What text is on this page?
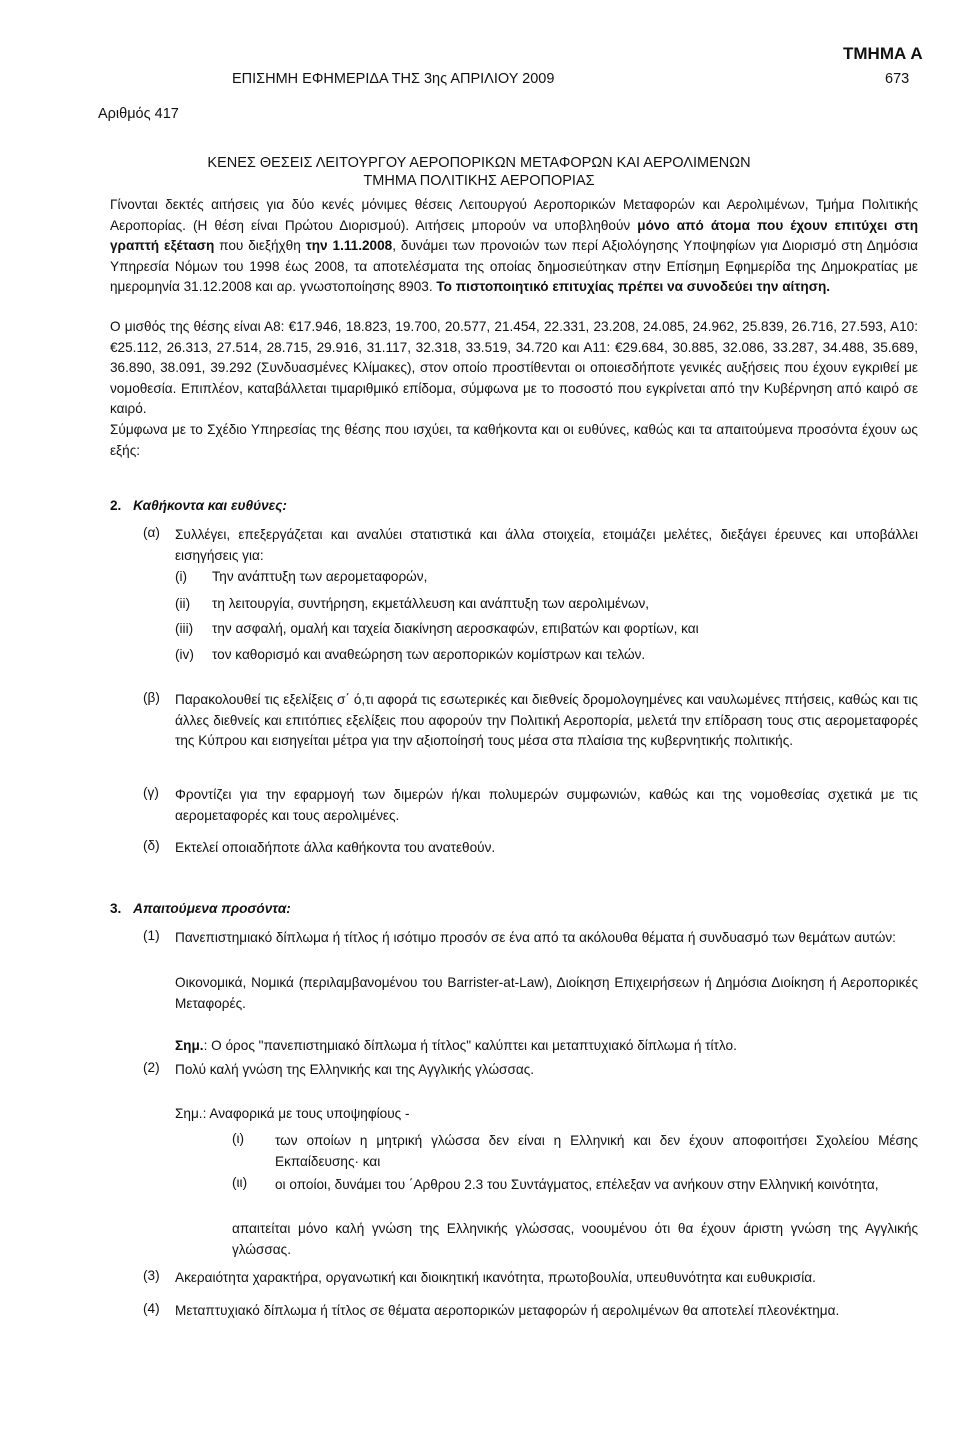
ΤΜΗΜΑ Α
ΕΠΙΣΗΜΗ ΕΦΗΜΕΡΙΔΑ ΤΗΣ 3ης ΑΠΡΙΛΙΟΥ 2009	673
Αριθμός 417
ΚΕΝΕΣ ΘΕΣΕΙΣ ΛΕΙΤΟΥΡΓΟΥ ΑΕΡΟΠΟΡΙΚΩΝ ΜΕΤΑΦΟΡΩΝ ΚΑΙ ΑΕΡΟΛΙΜΕΝΩΝ
ΤΜΗΜΑ ΠΟΛΙΤΙΚΗΣ ΑΕΡΟΠΟΡΙΑΣ

Γίνονται δεκτές αιτήσεις για δύο κενές μόνιμες θέσεις Λειτουργού Αεροπορικών Μεταφορών και Αερολιμένων, Τμήμα Πολιτικής Αεροπορίας. (Η θέση είναι Πρώτου Διορισμού). Αιτήσεις μπορούν να υποβληθούν μόνο από άτομα που έχουν επιτύχει στη γραπτή εξέταση που διεξήχθη την 1.11.2008, δυνάμει των προνοιών των περί Αξιολόγησης Υποψηφίων για Διορισμό στη Δημόσια Υπηρεσία Νόμων του 1998 έως 2008, τα αποτελέσματα της οποίας δημοσιεύτηκαν στην Επίσημη Εφημερίδα της Δημοκρατίας με ημερομηνία 31.12.2008 και αρ. γνωστοποίησης 8903. Το πιστοποιητικό επιτυχίας πρέπει να συνοδεύει την αίτηση.

Ο μισθός της θέσης είναι Α8: €17.946, 18.823, 19.700, 20.577, 21.454, 22.331, 23.208, 24.085, 24.962, 25.839, 26.716, 27.593, Α10: €25.112, 26.313, 27.514, 28.715, 29.916, 31.117, 32.318, 33.519, 34.720 και Α11: €29.684, 30.885, 32.086, 33.287, 34.488, 35.689, 36.890, 38.091, 39.292 (Συνδυασμένες Κλίμακες), στον οποίο προστίθενται οι οποιεσδήποτε γενικές αυξήσεις που έχουν εγκριθεί με νομοθεσία. Επιπλέον, καταβάλλεται τιμαριθμικό επίδομα, σύμφωνα με το ποσοστό που εγκρίνεται από την Κυβέρνηση από καιρό σε καιρό.

Σύμφωνα με το Σχέδιο Υπηρεσίας της θέσης που ισχύει, τα καθήκοντα και οι ευθύνες, καθώς και τα απαιτούμενα προσόντα έχουν ως εξής:

2. Καθήκοντα και ευθύνες:
(α) Συλλέγει, επεξεργάζεται και αναλύει στατιστικά και άλλα στοιχεία, ετοιμάζει μελέτες, διεξάγει έρευνες και υποβάλλει εισηγήσεις για:

(i) Την ανάπτυξη των αερομεταφορών,
(ii) τη λειτουργία, συντήρηση, εκμετάλλευση και ανάπτυξη των αερολιμένων,
(iii) την ασφαλή, ομαλή και ταχεία διακίνηση αεροσκαφών, επιβατών και φορτίων, και
(iv) τον καθορισμό και αναθεώρηση των αεροπορικών κομίστρων και τελών.
(β) Παρακολουθεί τις εξελίξεις σ΄ ό,τι αφορά τις εσωτερικές και διεθνείς δρομολογημένες και ναυλωμένες πτήσεις, καθώς και τις άλλες διεθνείς και επιτόπιες εξελίξεις που αφορούν την Πολιτική Αεροπορία, μελετά την επίδραση τους στις αερομεταφορές της Κύπρου και εισηγείται μέτρα για την αξιοποίησή τους μέσα στα πλαίσια της κυβερνητικής πολιτικής.

(γ) Φροντίζει για την εφαρμογή των διμερών ή/και πολυμερών συμφωνιών, καθώς και της νομοθεσίας σχετικά με τις αερομεταφορές και τους αερολιμένες.

(δ) Εκτελεί οποιαδήποτε άλλα καθήκοντα του ανατεθούν.

3. Απαιτούμενα προσόντα:
(1) Πανεπιστημιακό δίπλωμα ή τίτλος ή ισότιμο προσόν σε ένα από τα ακόλουθα θέματα ή συνδυασμό των θεμάτων αυτών:

Οικονομικά, Νομικά (περιλαμβανομένου του Barrister-at-Law), Διοίκηση Επιχειρήσεων ή Δημόσια Διοίκηση ή Αεροπορικές Μεταφορές.

Σημ.: Ο όρος "πανεπιστημιακό δίπλωμα ή τίτλος" καλύπτει και μεταπτυχιακό δίπλωμα ή τίτλο.

(2) Πολύ καλή γνώση της Ελληνικής και της Αγγλικής γλώσσας.

Σημ.: Αναφορικά με τους υποψηφίους -

(ι) των οποίων η μητρική γλώσσα δεν είναι η Ελληνική και δεν έχουν αποφοιτήσει Σχολείου Μέσης Εκπαίδευσης· και

(ιι) οι οποίοι, δυνάμει του ΄Αρθρου 2.3 του Συντάγματος, επέλεξαν να ανήκουν στην Ελληνική κοινότητα,

απαιτείται μόνο καλή γνώση της Ελληνικής γλώσσας, νοουμένου ότι θα έχουν άριστη γνώση της Αγγλικής γλώσσας.

(3) Ακεραιότητα χαρακτήρα, οργανωτική και διοικητική ικανότητα, πρωτοβουλία, υπευθυνότητα και ευθυκρισία.

(4) Μεταπτυχιακό δίπλωμα ή τίτλος σε θέματα αεροπορικών μεταφορών ή αερολιμένων θα αποτελεί πλεονέκτημα.
